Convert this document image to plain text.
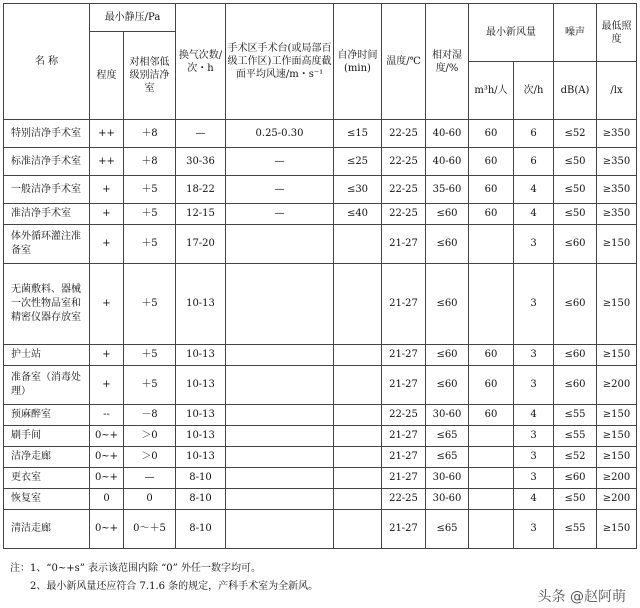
名 称	最小静压/Pa		换气次数/次・h	手术区手术台(或局部百级工作区)工作面高度截面平均风速/m・s⁻¹	自净时间(min)	温度/℃	相对湿度/%	最小新风量		噪声	最低照度
	程度	对相邻低级别洁净室									
								m³h/人	次/h	dB(A)	/lx
特别洁净手术室	++	＋8	—	0.25-0.30	≤15	22-25	40-60	60	6	≤52	≥350
标准洁净手术室	++	＋8	30-36	—	≤25	22-25	40-60	60	6	≤50	≥350
一般洁净手术室	+	＋5	18-22	—	≤30	22-25	35-60	60	4	≤50	≥350
准洁净手术室	+	＋5	12-15	—	≤40	22-25	≤60	60	4	≤50	≥350
体外循环灌注准备室	+	＋5	17-20			21-27	≤60		3	≤60	≥150
无菌敷料、器械一次性物品室和精密仪器存放室	+	＋5	10-13			21-27	≤60		3	≤60	≥150
护士站	+	＋5	10-13			21-27	≤60	60	3	≤60	≥150
准备室（消毒处理）	+	＋5	10-13			21-27	≤60	60	3	≤60	≥200
预麻醉室	--	－8	10-13			22-25	30-60	60	4	≤55	≥150
刷手间	0~+	＞0	10-13			21-27	≤65		3	≤55	≥150
洁净走廊	0~+	＞0	10-13			21-27	≤65		3	≤52	≥150
更衣室	0~+	—	8-10			21-27	30-60		3	≤60	≥200
恢复室	0	0	8-10			22-25	30-60		4	≤50	≥200
清洁走廊	0~+	0～＋5	8-10			21-27	≤65		3	≤55	≥150
注：1、“0~+s” 表示该范围内除 “0” 外任一数字均可。
2、最小新风量还应符合 7.1.6 条的规定，产科手术室为全新风。
头条 @赵阿萌
